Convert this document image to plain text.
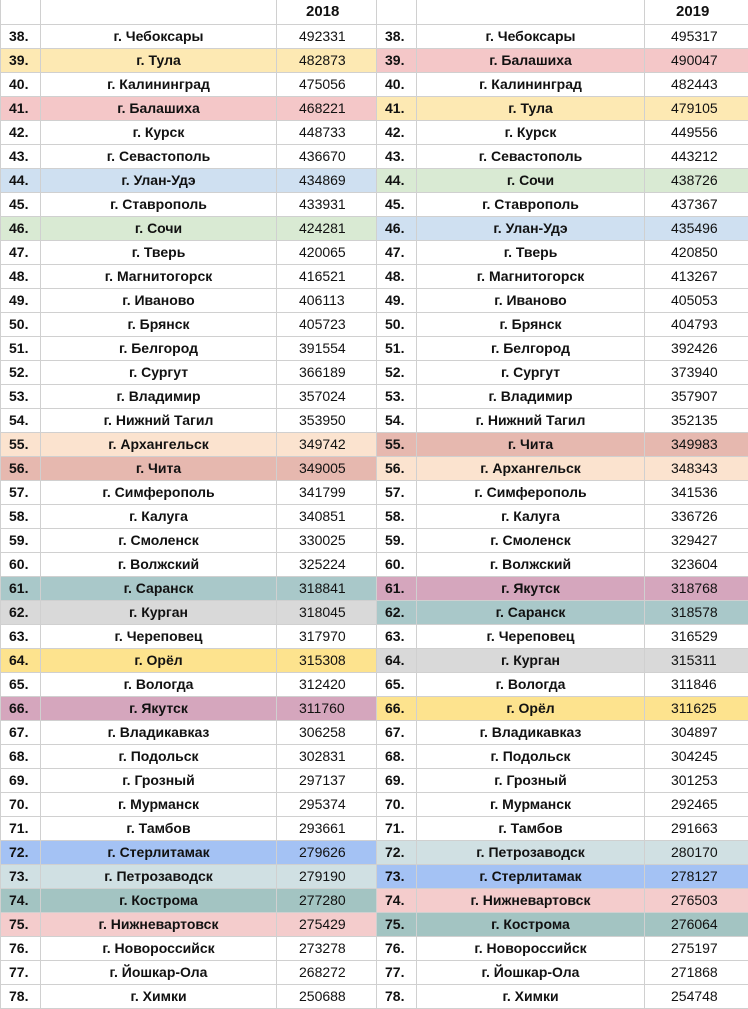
		2018			2019
38.	г. Чебоксары	492331	38.	г. Чебоксары	495317
39.	г. Тула	482873	39.	г. Балашиха	490047
40.	г. Калининград	475056	40.	г. Калининград	482443
41.	г. Балашиха	468221	41.	г. Тула	479105
42.	г. Курск	448733	42.	г. Курск	449556
43.	г. Севастополь	436670	43.	г. Севастополь	443212
44.	г. Улан-Удэ	434869	44.	г. Сочи	438726
45.	г. Ставрополь	433931	45.	г. Ставрополь	437367
46.	г. Сочи	424281	46.	г. Улан-Удэ	435496
47.	г. Тверь	420065	47.	г. Тверь	420850
48.	г. Магнитогорск	416521	48.	г. Магнитогорск	413267
49.	г. Иваново	406113	49.	г. Иваново	405053
50.	г. Брянск	405723	50.	г. Брянск	404793
51.	г. Белгород	391554	51.	г. Белгород	392426
52.	г. Сургут	366189	52.	г. Сургут	373940
53.	г. Владимир	357024	53.	г. Владимир	357907
54.	г. Нижний Тагил	353950	54.	г. Нижний Тагил	352135
55.	г. Архангельск	349742	55.	г. Чита	349983
56.	г. Чита	349005	56.	г. Архангельск	348343
57.	г. Симферополь	341799	57.	г. Симферополь	341536
58.	г. Калуга	340851	58.	г. Калуга	336726
59.	г. Смоленск	330025	59.	г. Смоленск	329427
60.	г. Волжский	325224	60.	г. Волжский	323604
61.	г. Саранск	318841	61.	г. Якутск	318768
62.	г. Курган	318045	62.	г. Саранск	318578
63.	г. Череповец	317970	63.	г. Череповец	316529
64.	г. Орёл	315308	64.	г. Курган	315311
65.	г. Вологда	312420	65.	г. Вологда	311846
66.	г. Якутск	311760	66.	г. Орёл	311625
67.	г. Владикавказ	306258	67.	г. Владикавказ	304897
68.	г. Подольск	302831	68.	г. Подольск	304245
69.	г. Грозный	297137	69.	г. Грозный	301253
70.	г. Мурманск	295374	70.	г. Мурманск	292465
71.	г. Тамбов	293661	71.	г. Тамбов	291663
72.	г. Стерлитамак	279626	72.	г. Петрозаводск	280170
73.	г. Петрозаводск	279190	73.	г. Стерлитамак	278127
74.	г. Кострома	277280	74.	г. Нижневартовск	276503
75.	г. Нижневартовск	275429	75.	г. Кострома	276064
76.	г. Новороссийск	273278	76.	г. Новороссийск	275197
77.	г. Йошкар-Ола	268272	77.	г. Йошкар-Ола	271868
78.	г. Химки	250688	78.	г. Химки	254748
